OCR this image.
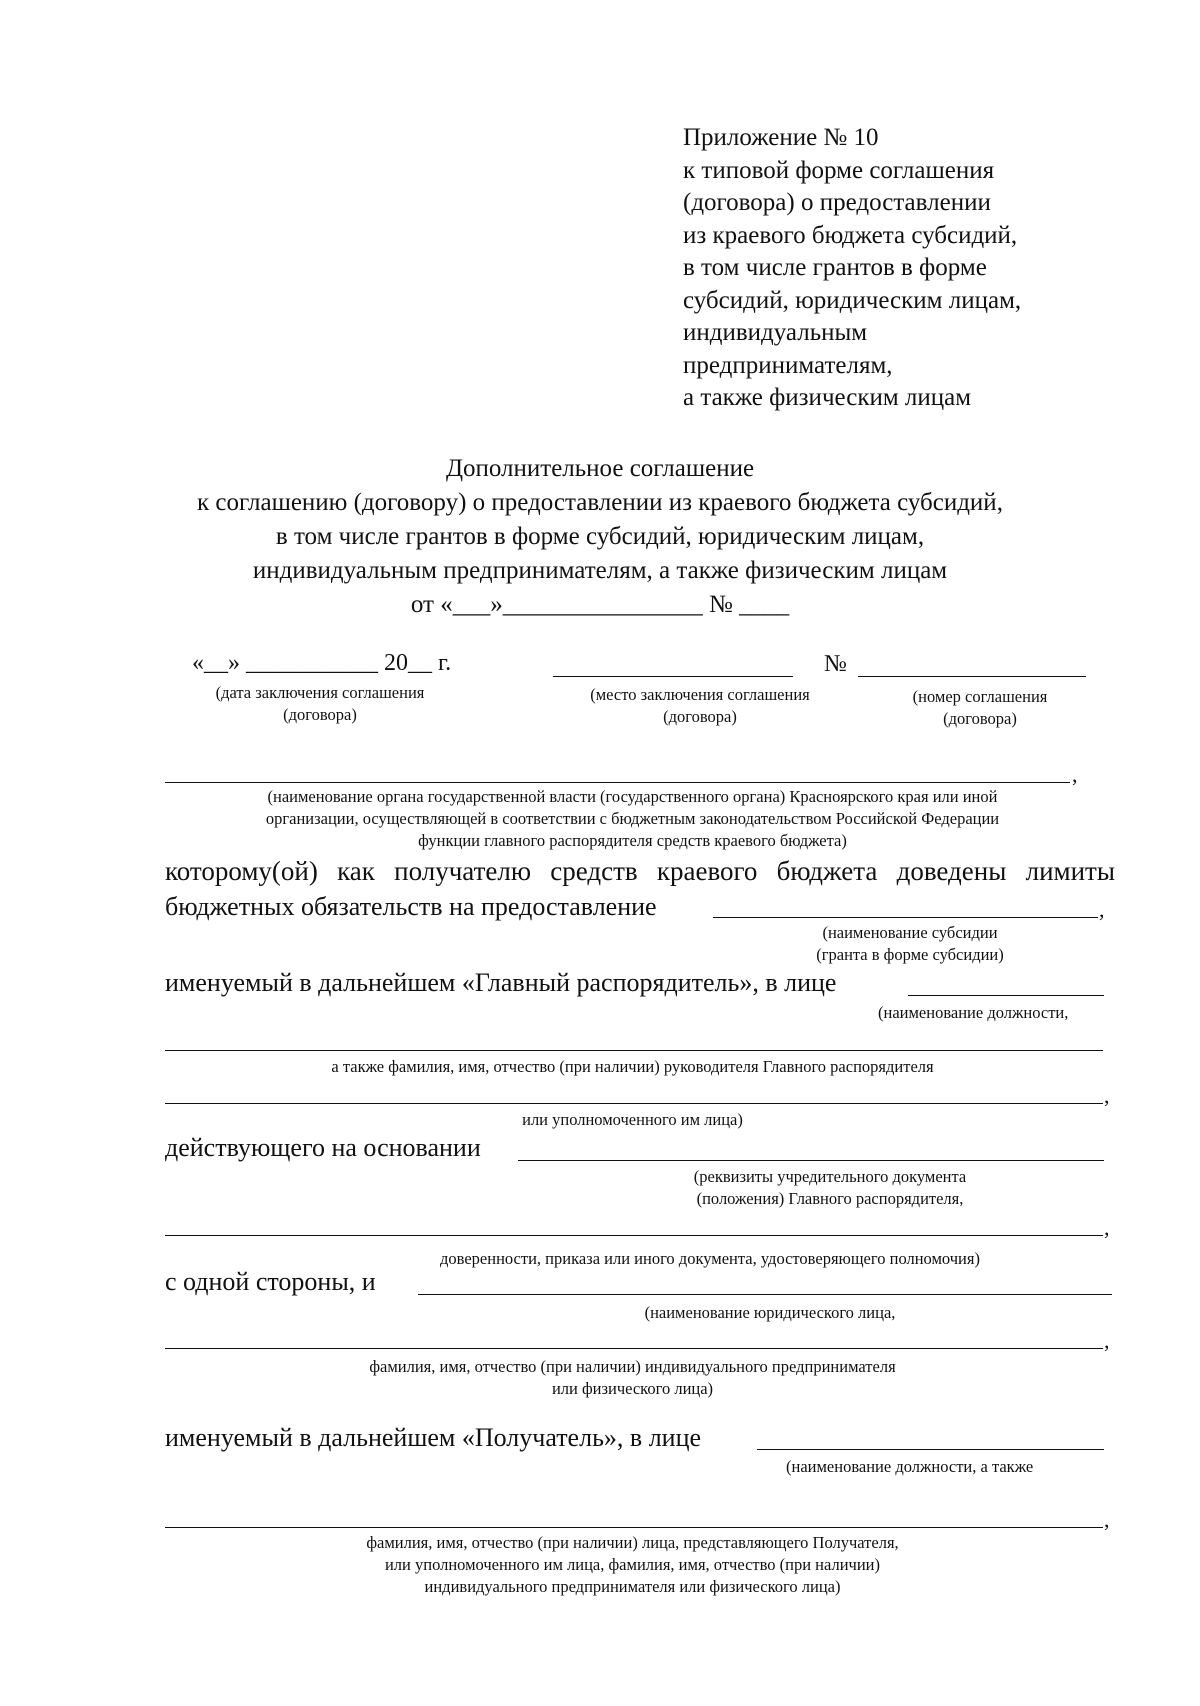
Приложение № 10
к типовой форме соглашения
(договора) о предоставлении
из краевого бюджета субсидий,
в том числе грантов в форме
субсидий, юридическим лицам,
индивидуальным
предпринимателям,
а также физическим лицам
Дополнительное соглашение
к соглашению (договору) о предоставлении из краевого бюджета субсидий,
в том числе грантов в форме субсидий, юридическим лицам,
индивидуальным предпринимателям, а также физическим лицам
от «___»________________ № ____
«__» ___________ 20__ г.	№
(дата заключения соглашения
(договора)
(место заключения соглашения
(договора)
(номер соглашения
(договора)
,
(наименование органа государственной власти (государственного органа) Красноярского края или иной
организации, осуществляющей в соответствии с бюджетным законодательством Российской Федерации
функции главного распорядителя средств краевого бюджета)
которому(ой) как получателю средств краевого бюджета доведены лимиты
бюджетных обязательств на предоставление	,
(наименование субсидии
(гранта в форме субсидии)
именуемый в дальнейшем «Главный распорядитель», в лице
(наименование должности,
а также фамилия, имя, отчество (при наличии) руководителя Главного распорядителя
,
или уполномоченного им лица)
действующего на основании
(реквизиты учредительного документа
(положения) Главного распорядителя,
,
доверенности, приказа или иного документа, удостоверяющего полномочия)
с одной стороны, и
(наименование юридического лица,
,
фамилия, имя, отчество (при наличии) индивидуального предпринимателя
или физического лица)
именуемый в дальнейшем «Получатель», в лице
(наименование должности, а также
,
фамилия, имя, отчество (при наличии) лица, представляющего Получателя,
или уполномоченного им лица, фамилия, имя, отчество (при наличии)
индивидуального предпринимателя или физического лица)
